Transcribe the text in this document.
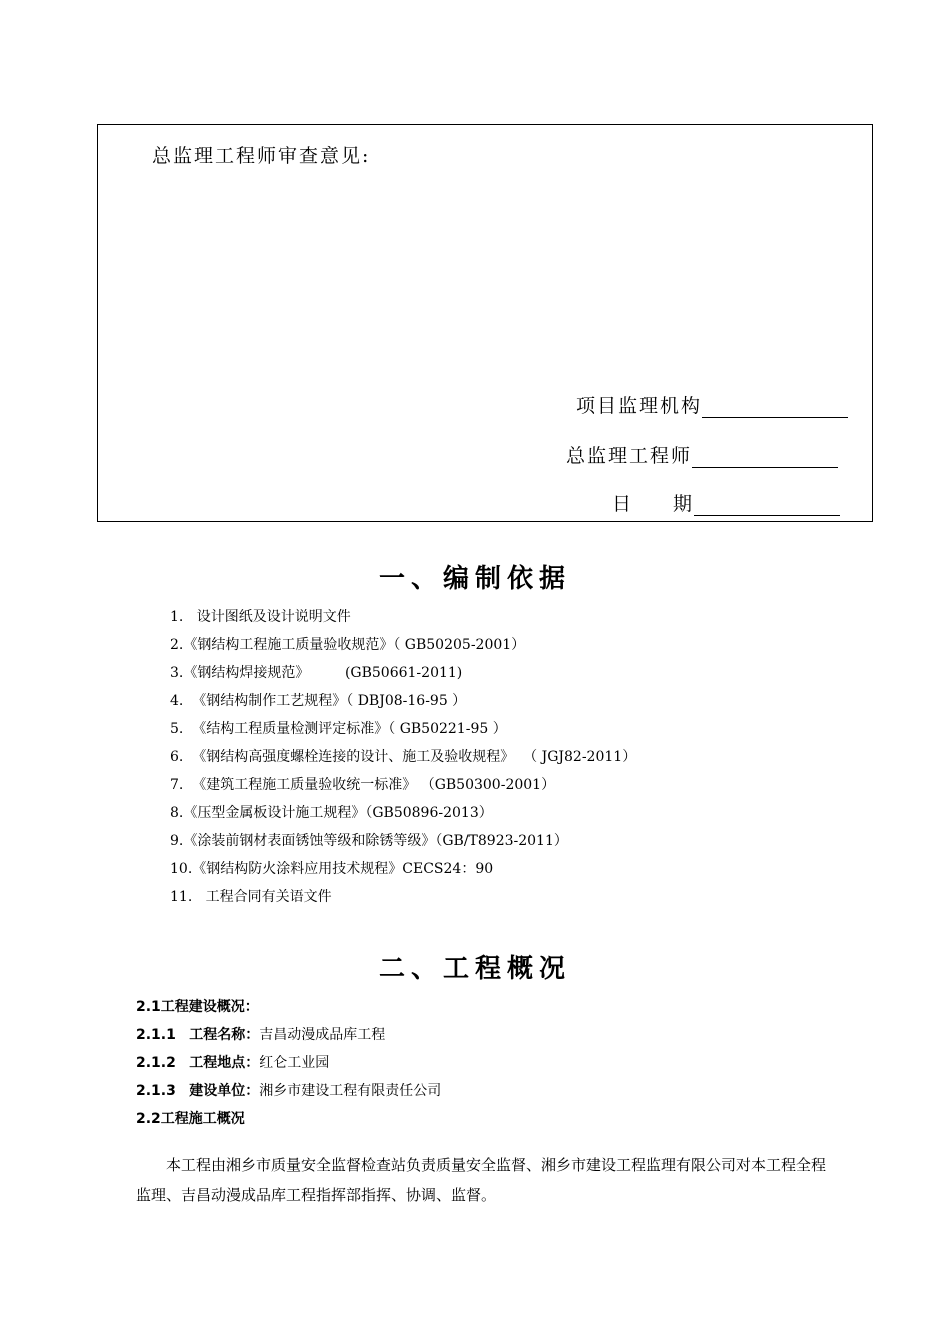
总监理工程师审查意见:
项目监理机构
总监理工程师
日 期
一、编制依据
1.   设计图纸及设计说明文件
2.《钢结构工程施工质量验收规范》（ GB50205-2001）
3.《钢结构焊接规范》        (GB50661-2011)
4.  《钢结构制作工艺规程》（ DBJ08-16-95 ）
5.  《结构工程质量检测评定标准》（ GB50221-95 ）
6.  《钢结构高强度螺栓连接的设计、施工及验收规程》  （ JGJ82-2011）
7.  《建筑工程施工质量验收统一标准》 （GB50300-2001）
8.《压型金属板设计施工规程》（GB50896-2013）
9.《涂装前钢材表面锈蚀等级和除锈等级》（GB/T8923-2011）
10.《钢结构防火涂料应用技术规程》CECS24：90
11.   工程合同有关语文件
二、工程概况
2.1工程建设概况：
2.1.1 工程名称：吉昌动漫成品库工程
2.1.2 工程地点：红仑工业园
2.1.3 建设单位：湘乡市建设工程有限责任公司
2.2工程施工概况
本工程由湘乡市质量安全监督检查站负责质量安全监督、湘乡市建设工程监理有限公司对本工程全程监理、吉昌动漫成品库工程指挥部指挥、协调、监督。
